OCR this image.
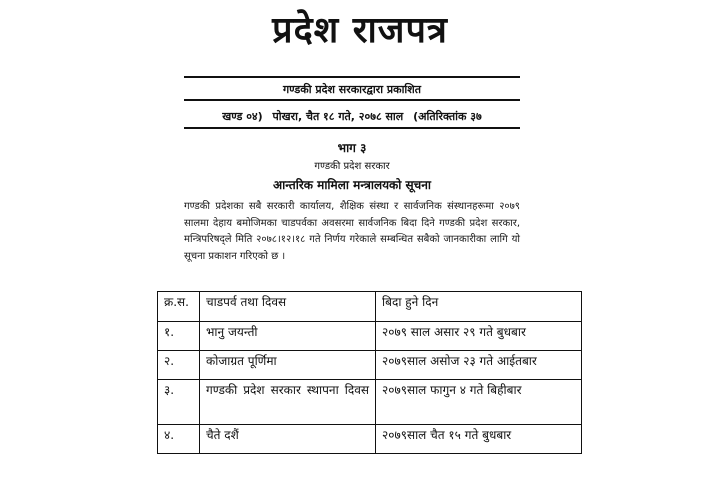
प्रदेश राजपत्र
गण्डकी प्रदेश सरकारद्वारा प्रकाशित
खण्ड ०४) पोखरा, चैत १८ गते, २०७८ साल (अतिरिक्तांक ३७
भाग ३
गण्डकी प्रदेश सरकार
आन्तरिक मामिला मन्त्रालयको सूचना
गण्डकी प्रदेशका सबै सरकारी कार्यालय, शैक्षिक संस्था र सार्वजनिक संस्थानहरूमा २०७९ सालमा देहाय बमोजिमका चाडपर्वका अवसरमा सार्वजनिक बिदा दिने गण्डकी प्रदेश सरकार, मन्त्रिपरिषद्ले मिति २०७८।१२।१८ गते निर्णय गरेकाले सम्बन्धित सबैको जानकारीका लागि यो सूचना प्रकाशन गरिएको छ ।
क्र.स.	चाडपर्व तथा दिवस	बिदा हुने दिन
१.	भानु जयन्ती	२०७९ साल असार २९ गते बुधबार
२.	कोजाग्रत पूर्णिमा	२०७९साल असोज २३ गते आईतबार
३.	गण्डकी प्रदेश सरकार स्थापना दिवस	२०७९साल फागुन ४ गते बिहीबार
४.	चैते दशैं	२०७९साल चैत १५ गते बुधबार
